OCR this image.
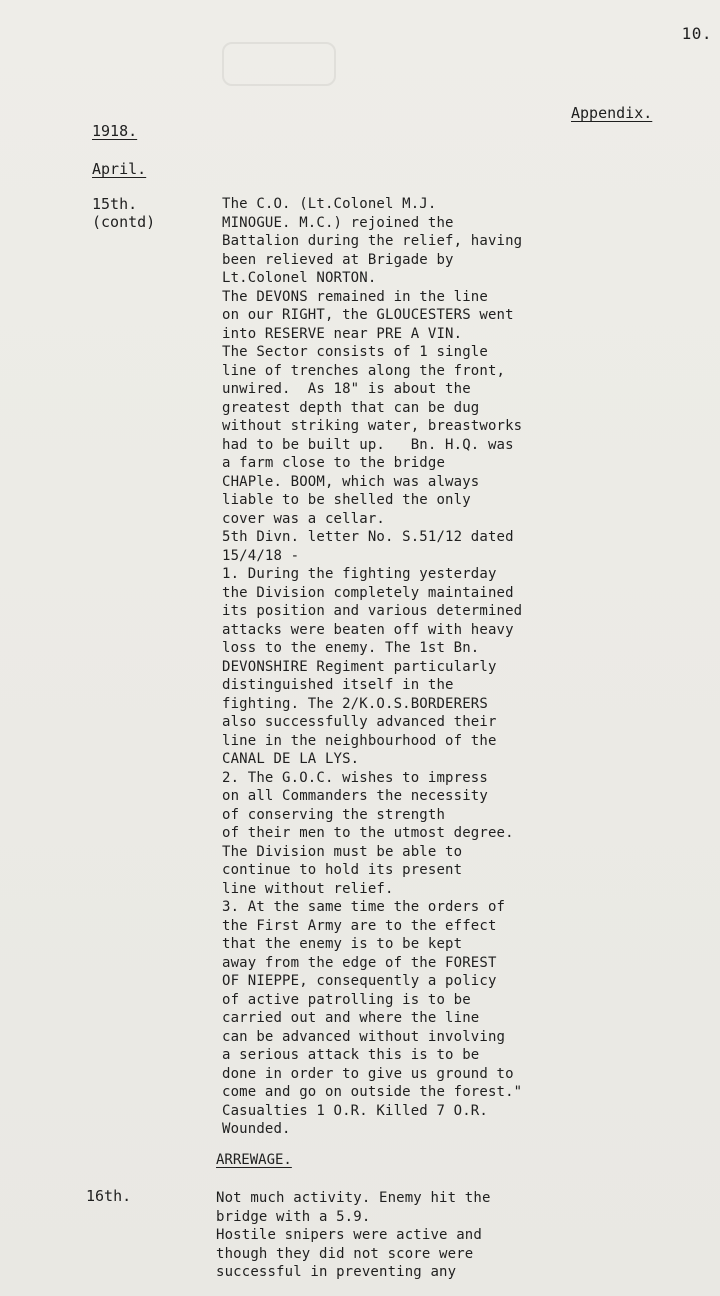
10.
Appendix.
1918.
April.
15th.
(contd)
The C.O. (Lt.Colonel M.J.
MINOGUE. M.C.) rejoined the
Battalion during the relief, having
been relieved at Brigade by
Lt.Colonel NORTON.
The DEVONS remained in the line
on our RIGHT, the GLOUCESTERS went
into RESERVE near PRE A VIN.
The Sector consists of 1 single
line of trenches along the front,
unwired.  As 18" is about the
greatest depth that can be dug
without striking water, breastworks
had to be built up.   Bn. H.Q. was
a farm close to the bridge
CHAPle. BOOM, which was always
liable to be shelled the only
cover was a cellar.
5th Divn. letter No. S.51/12 dated
15/4/18 -
1. During the fighting yesterday
the Division completely maintained
its position and various determined
attacks were beaten off with heavy
loss to the enemy. The 1st Bn.
DEVONSHIRE Regiment particularly
distinguished itself in the
fighting. The 2/K.O.S.BORDERERS
also successfully advanced their
line in the neighbourhood of the
CANAL DE LA LYS.
2. The G.O.C. wishes to impress
on all Commanders the necessity
of conserving the strength
of their men to the utmost degree.
The Division must be able to
continue to hold its present
line without relief.
3. At the same time the orders of
the First Army are to the effect
that the enemy is to be kept
away from the edge of the FOREST
OF NIEPPE, consequently a policy
of active patrolling is to be
carried out and where the line
can be advanced without involving
a serious attack this is to be
done in order to give us ground to
come and go on outside the forest."
Casualties 1 O.R. Killed 7 O.R.
Wounded.
ARREWAGE.
16th.	Not much activity. Enemy hit the
bridge with a 5.9.
Hostile snipers were active and
though they did not score were
successful in preventing any
